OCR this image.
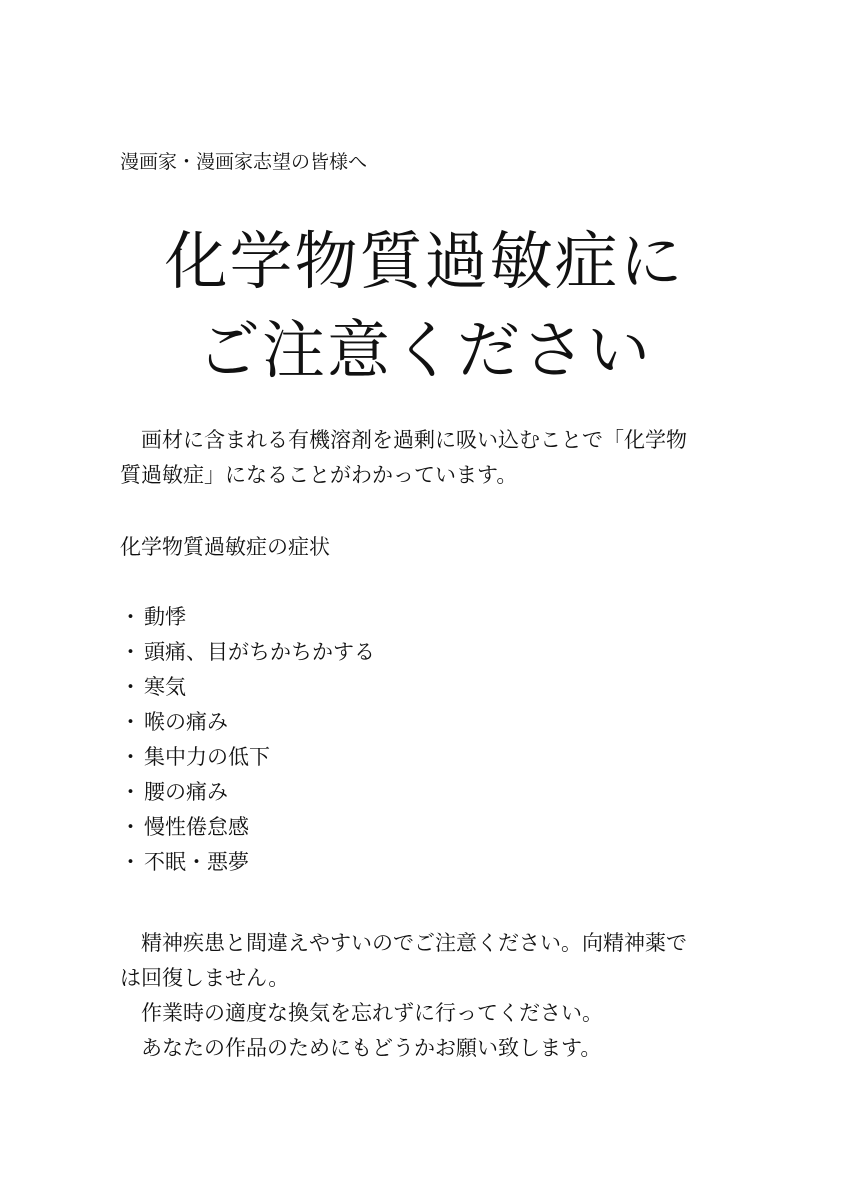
漫画家・漫画家志望の皆様へ
化学物質過敏症に
ご注意ください
　画材に含まれる有機溶剤を過剰に吸い込むことで「化学物
質過敏症」になることがわかっています。
化学物質過敏症の症状
・ 動悸
・ 頭痛、目がちかちかする
・ 寒気
・ 喉の痛み
・ 集中力の低下
・ 腰の痛み
・ 慢性倦怠感
・ 不眠・悪夢
　精神疾患と間違えやすいのでご注意ください。向精神薬で
は回復しません。
　作業時の適度な換気を忘れずに行ってください。
　あなたの作品のためにもどうかお願い致します。
